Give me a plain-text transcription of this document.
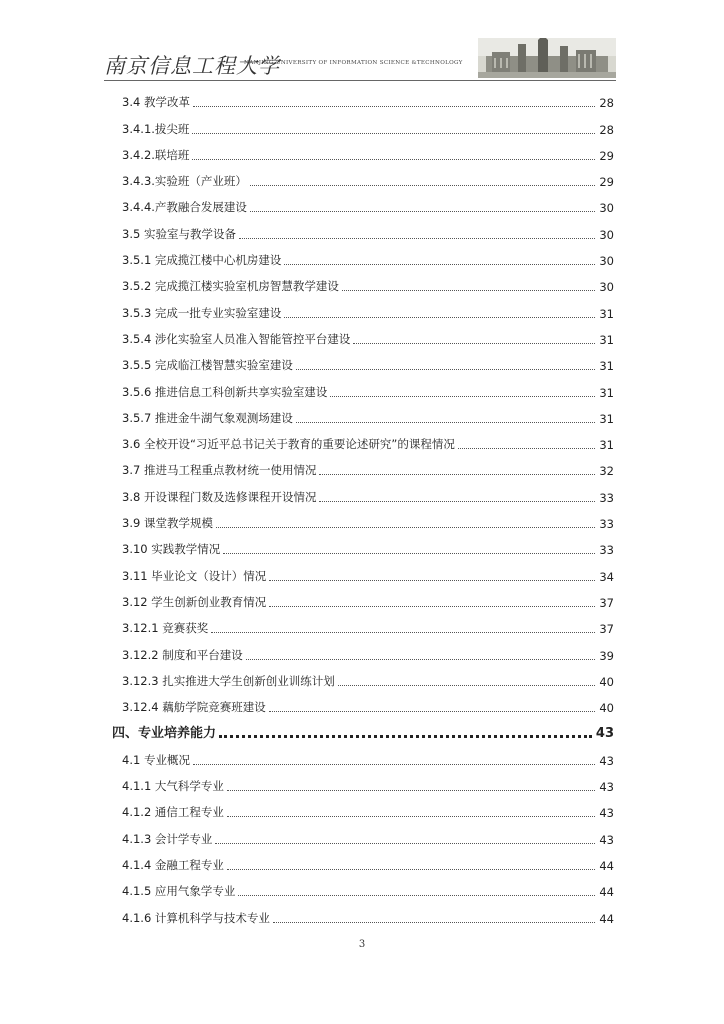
南京信息工程大学
NANJING UNIVERSITY OF INFORMATION SCIENCE &TECHNOLOGY
3.4 教学改革	28
3.4.1.拔尖班	28
3.4.2.联培班	29
3.4.3.实验班（产业班）	29
3.4.4.产教融合发展建设	30
3.5 实验室与教学设备	30
3.5.1 完成揽江楼中心机房建设	30
3.5.2 完成揽江楼实验室机房智慧教学建设	30
3.5.3 完成一批专业实验室建设	31
3.5.4 涉化实验室人员准入智能管控平台建设	31
3.5.5 完成临江楼智慧实验室建设	31
3.5.6 推进信息工科创新共享实验室建设	31
3.5.7 推进金牛湖气象观测场建设	31
3.6 全校开设“习近平总书记关于教育的重要论述研究”的课程情况	31
3.7 推进马工程重点教材统一使用情况	32
3.8 开设课程门数及选修课程开设情况	33
3.9 课堂教学规模	33
3.10 实践教学情况	33
3.11 毕业论文（设计）情况	34
3.12 学生创新创业教育情况	37
3.12.1 竞赛获奖	37
3.12.2 制度和平台建设	39
3.12.3 扎实推进大学生创新创业训练计划	40
3.12.4 藕舫学院竞赛班建设	40
四、专业培养能力	43
4.1 专业概况	43
4.1.1 大气科学专业	43
4.1.2 通信工程专业	43
4.1.3 会计学专业	43
4.1.4 金融工程专业	44
4.1.5 应用气象学专业	44
4.1.6 计算机科学与技术专业	44
3
